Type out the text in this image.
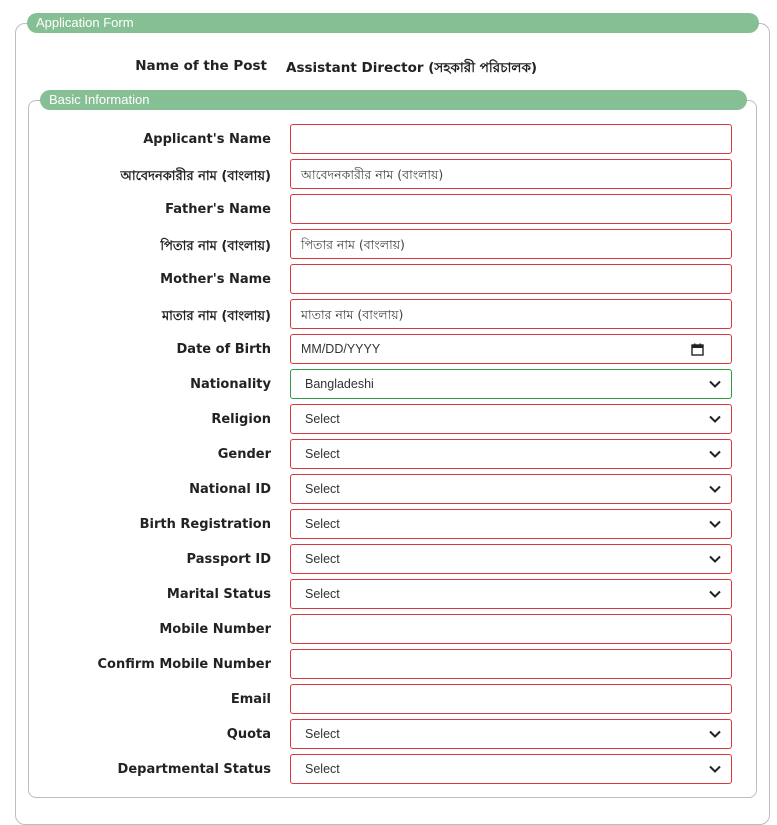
Application Form
Name of the Post Assistant Director (সহকারী পরিচালক)
Basic Information
Applicant's Name
আবেদনকারীর নাম (বাংলায়) আবেদনকারীর নাম (বাংলায়)
Father's Name
পিতার নাম (বাংলায়) পিতার নাম (বাংলায়)
Mother's Name
মাতার নাম (বাংলায়) মাতার নাম (বাংলায়)
Date of Birth MM/DD/YYYY
Nationality	Bangladeshi
Religion	Select
Gender	Select
National ID	Select
Birth Registration	Select
Passport ID	Select
Marital Status	Select
Mobile Number
Confirm Mobile Number
Email
Quota	Select
Departmental Status	Select
